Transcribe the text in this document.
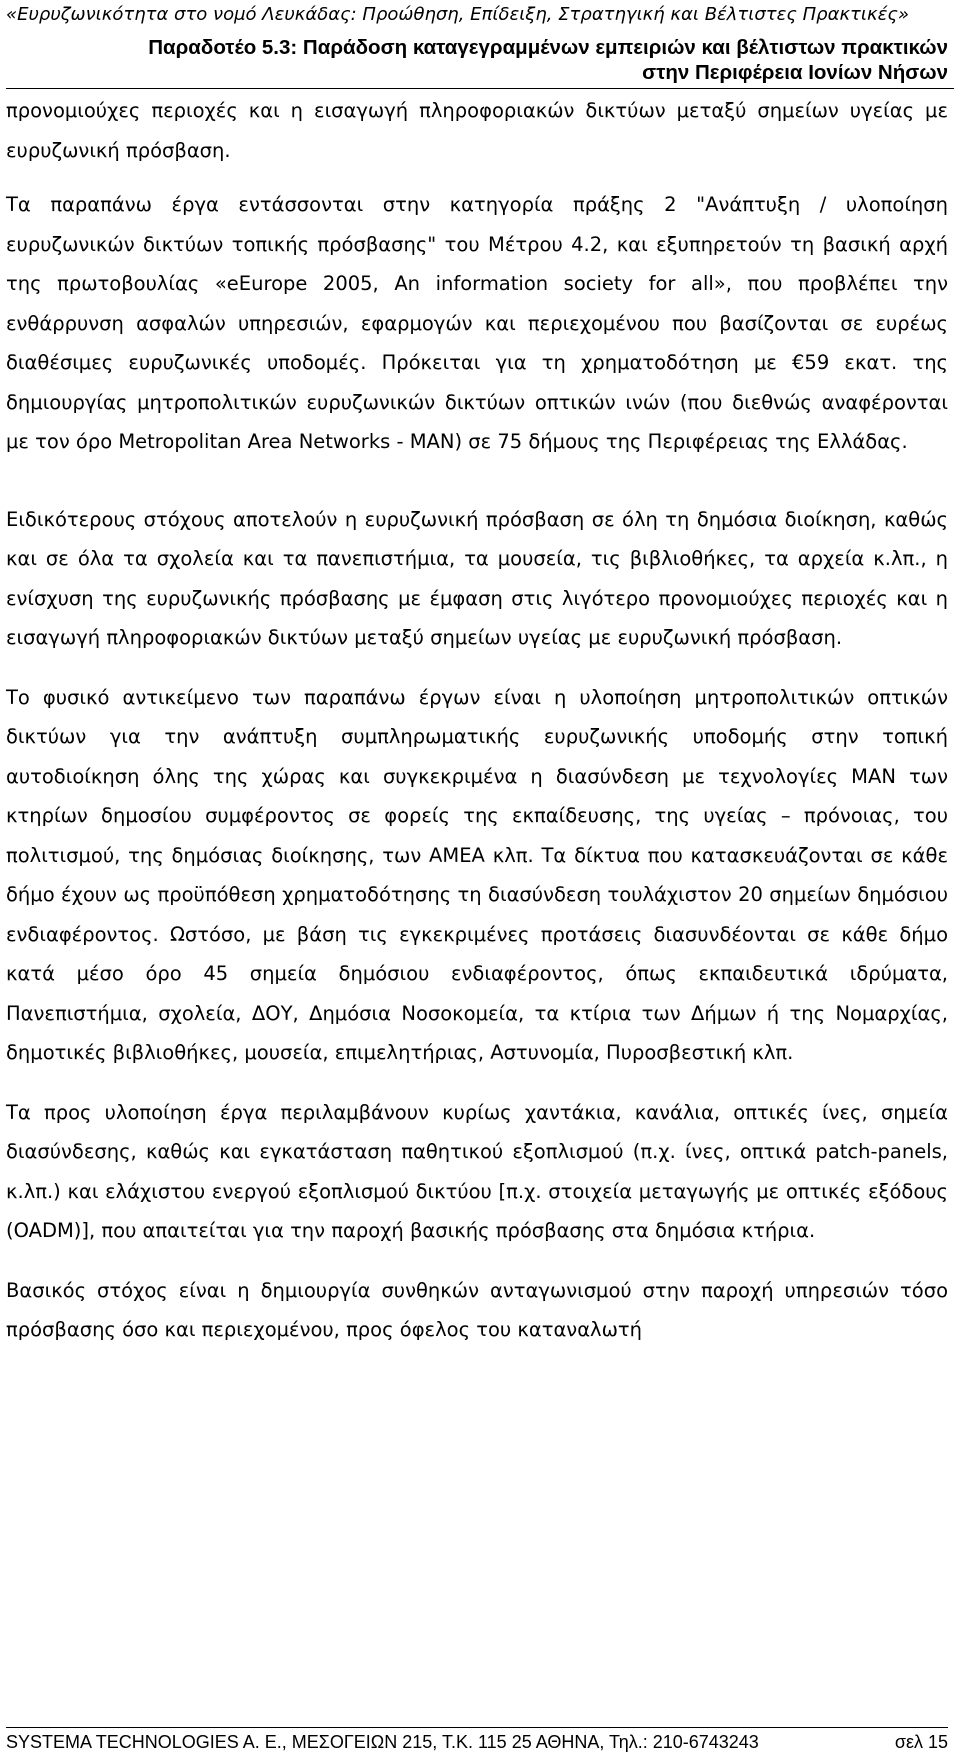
«Ευρυζωνικότητα στο νομό Λευκάδας: Προώθηση, Επίδειξη, Στρατηγική και Βέλτιστες Πρακτικές»
Παραδοτέο 5.3: Παράδοση καταγεγραμμένων εμπειριών και βέλτιστων πρακτικών
στην Περιφέρεια Ιονίων Νήσων

προνομιούχες περιοχές και η εισαγωγή πληροφοριακών δικτύων μεταξύ σημείων υγείας με ευρυζωνική πρόσβαση.

Τα παραπάνω έργα εντάσσονται στην κατηγορία πράξης 2 "Ανάπτυξη / υλοποίηση ευρυζωνικών δικτύων τοπικής πρόσβασης" του Μέτρου 4.2, και εξυπηρετούν τη βασική αρχή της πρωτοβουλίας «eEurope 2005, An information society for all», που προβλέπει την ενθάρρυνση ασφαλών υπηρεσιών, εφαρμογών και περιεχομένου που βασίζονται σε ευρέως διαθέσιμες ευρυζωνικές υποδομές. Πρόκειται για τη χρηματοδότηση με €59 εκατ. της δημιουργίας μητροπολιτικών ευρυζωνικών δικτύων οπτικών ινών (που διεθνώς αναφέρονται με τον όρο Metropolitan Area Networks - MAN) σε 75 δήμους της Περιφέρειας της Ελλάδας.

Ειδικότερους στόχους αποτελούν η ευρυζωνική πρόσβαση σε όλη τη δημόσια διοίκηση, καθώς και σε όλα τα σχολεία και τα πανεπιστήμια, τα μουσεία, τις βιβλιοθήκες, τα αρχεία κ.λπ., η ενίσχυση της ευρυζωνικής πρόσβασης με έμφαση στις λιγότερο προνομιούχες περιοχές και η εισαγωγή πληροφοριακών δικτύων μεταξύ σημείων υγείας με ευρυζωνική πρόσβαση.

Το φυσικό αντικείμενο των παραπάνω έργων είναι η υλοποίηση μητροπολιτικών οπτικών δικτύων για την ανάπτυξη συμπληρωματικής ευρυζωνικής υποδομής στην τοπική αυτοδιοίκηση όλης της χώρας και συγκεκριμένα η διασύνδεση με τεχνολογίες MAN των κτηρίων δημοσίου συμφέροντος σε φορείς της εκπαίδευσης, της υγείας – πρόνοιας, του πολιτισμού, της δημόσιας διοίκησης, των ΑΜΕΑ κλπ. Τα δίκτυα που κατασκευάζονται σε κάθε δήμο έχουν ως προϋπόθεση χρηματοδότησης τη διασύνδεση τουλάχιστον 20 σημείων δημόσιου ενδιαφέροντος. Ωστόσο, με βάση τις εγκεκριμένες προτάσεις διασυνδέονται σε κάθε δήμο κατά μέσο όρο 45 σημεία δημόσιου ενδιαφέροντος, όπως εκπαιδευτικά ιδρύματα, Πανεπιστήμια, σχολεία, ΔΟΥ, Δημόσια Νοσοκομεία, τα κτίρια των Δήμων ή της Νομαρχίας, δημοτικές βιβλιοθήκες, μουσεία, επιμελητήριας, Αστυνομία, Πυροσβεστική κλπ.

Τα προς υλοποίηση έργα περιλαμβάνουν κυρίως χαντάκια, κανάλια, οπτικές ίνες, σημεία διασύνδεσης, καθώς και εγκατάσταση παθητικού εξοπλισμού (π.χ. ίνες, οπτικά patch-panels, κ.λπ.) και ελάχιστου ενεργού εξοπλισμού δικτύου [π.χ. στοιχεία μεταγωγής με οπτικές εξόδους (OADM)], που απαιτείται για την παροχή βασικής πρόσβασης στα δημόσια κτήρια.

Βασικός στόχος είναι η δημιουργία συνθηκών ανταγωνισμού στην παροχή υπηρεσιών τόσο πρόσβασης όσο και περιεχομένου, προς όφελος του καταναλωτή

SYSTEMA TECHNOLOGIES A. E., ΜΕΣΟΓΕΙΩΝ 215, Τ.Κ. 115 25 ΑΘΗΝΑ, Τηλ.: 210-6743243	σελ 15
